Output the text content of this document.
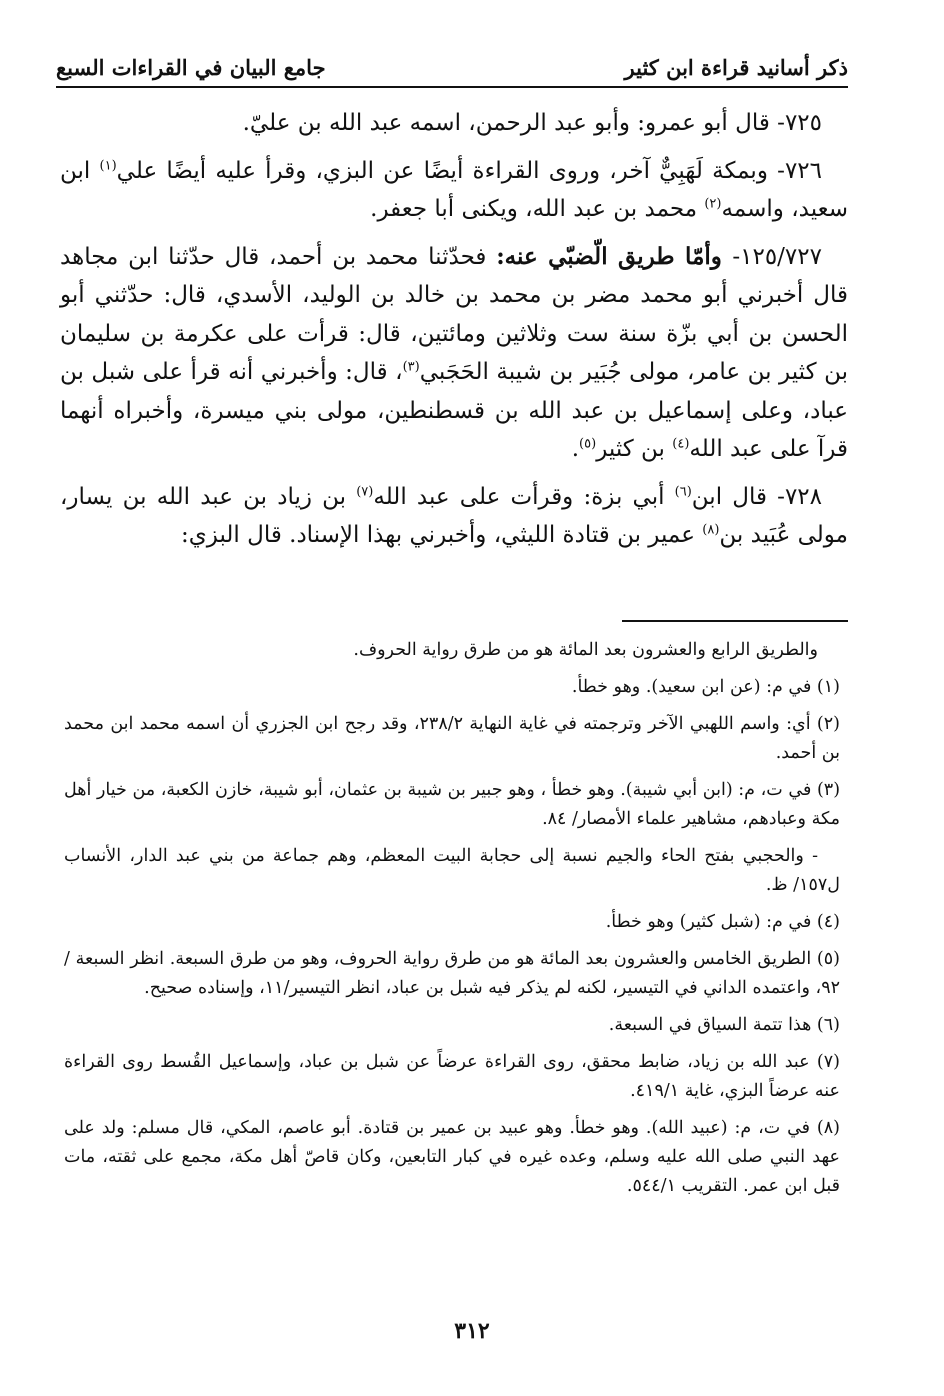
ذكر أسانيد قراءة ابن كثير
جامع البيان في القراءات السبع

٧٢٥- قال أبو عمرو: وأبو عبد الرحمن، اسمه عبد الله بن عليّ.

٧٢٦- وبمكة لَهَبِيٌّ آخر، وروى القراءة أيضًا عن البزي، وقرأ عليه أيضًا علي$^{(١)}$ ابن سعيد، واسمه$^{(٢)}$ محمد بن عبد الله، ويكنى أبا جعفر.

١٢٥/٧٢٧- وأمّا طريق الّضبّي عنه: فحدّثنا محمد بن أحمد، قال حدّثنا ابن مجاهد قال أخبرني أبو محمد مضر بن محمد بن خالد بن الوليد، الأسدي، قال: حدّثني أبو الحسن بن أبي بزّة سنة ست وثلاثين ومائتين، قال: قرأت على عكرمة بن سليمان بن كثير بن عامر، مولى جُبَير بن شيبة الحَجَبي$^{(٣)}$، قال: وأخبرني أنه قرأ على شبل بن عباد، وعلى إسماعيل بن عبد الله بن قسطنطين، مولى بني ميسرة، وأخبراه أنهما قرآ على عبد الله$^{(٤)}$ بن كثير$^{(٥)}$.

٧٢٨- قال ابن$^{(٦)}$ أبي بزة: وقرأت على عبد الله$^{(٧)}$ بن زياد بن عبد الله بن يسار، مولى عُبَيد بن$^{(٨)}$ عمير بن قتادة الليثي، وأخبرني بهذا الإسناد. قال البزي:

والطريق الرابع والعشرون بعد المائة هو من طرق رواية الحروف.

(١) في م: (عن ابن سعيد). وهو خطأ.

(٢) أي: واسم اللهبي الآخر وترجمته في غاية النهاية ٢٣٨/٢، وقد رجح ابن الجزري أن اسمه محمد ابن محمد بن أحمد.

(٣) في ت، م: (ابن أبي شيبة). وهو خطأ ، وهو جبير بن شيبة بن عثمان، أبو شيبة، خازن الكعبة، من خيار أهل مكة وعبادهم، مشاهير علماء الأمصار/ ٨٤.

- والحجبي بفتح الحاء والجيم نسبة إلى حجابة البيت المعظم، وهم جماعة من بني عبد الدار، الأنساب ل١٥٧/ ظ.

(٤) في م: (شبل كثير) وهو خطأ.

(٥) الطريق الخامس والعشرون بعد المائة هو من طرق رواية الحروف، وهو من طرق السبعة. انظر السبعة /٩٢، واعتمده الداني في التيسير، لكنه لم يذكر فيه شبل بن عباد، انظر التيسير/١١، وإسناده صحيح.

(٦) هذا تتمة السياق في السبعة.

(٧) عبد الله بن زياد، ضابط محقق، روى القراءة عرضاً عن شبل بن عباد، وإسماعيل القُسط روى القراءة عنه عرضاً البزي، غاية ٤١٩/١.

(٨) في ت، م: (عبيد الله). وهو خطأ. وهو عبيد بن عمير بن قتادة. أبو عاصم، المكي، قال مسلم: ولد على عهد النبي صلى الله عليه وسلم، وعده غيره في كبار التابعين، وكان قاصّ أهل مكة، مجمع على ثقته، مات قبل ابن عمر. التقريب ٥٤٤/١.

٣١٢
